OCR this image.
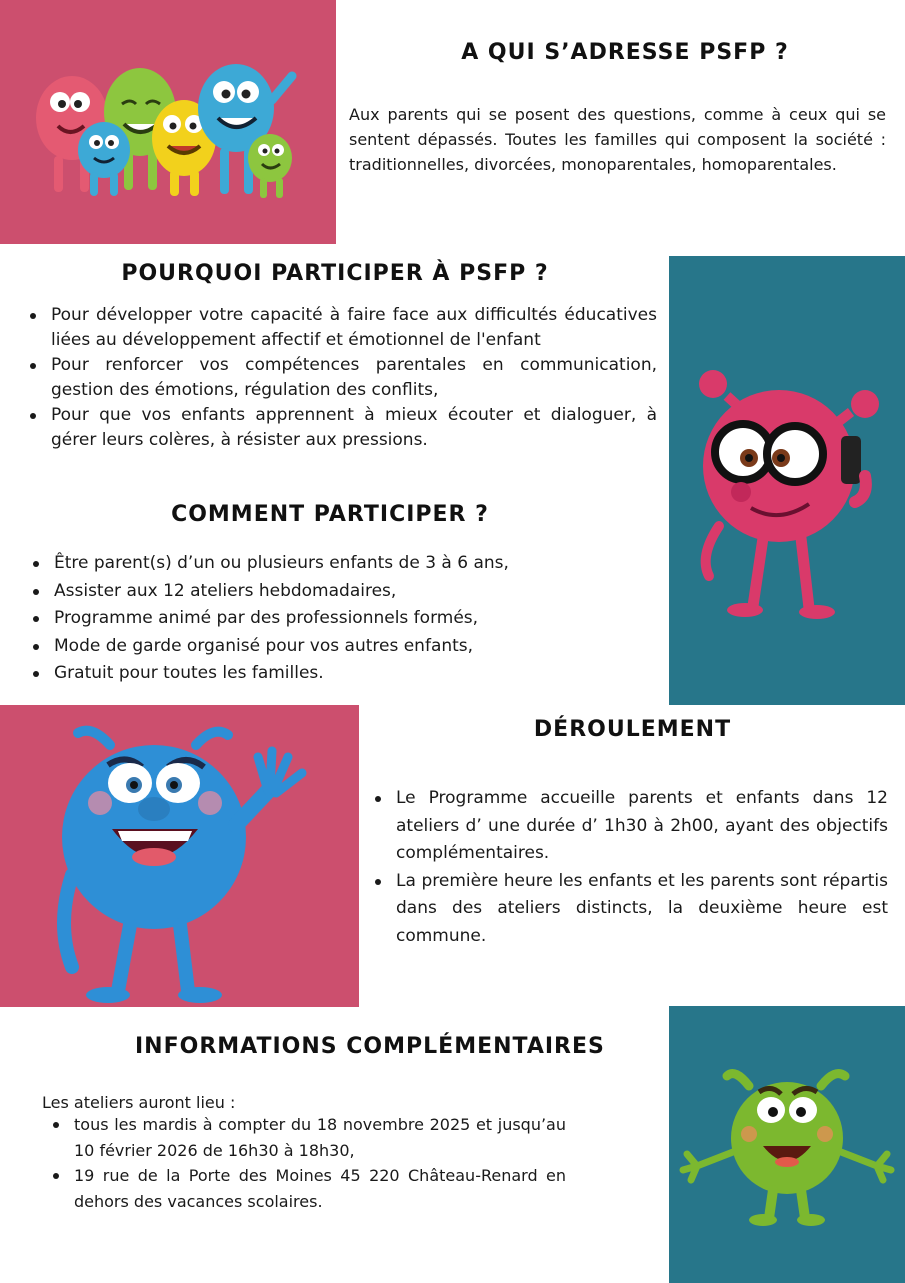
A QUI S’ADRESSE PSFP ?

Aux parents qui se posent des questions, comme à ceux qui se sentent dépassés. Toutes les familles qui composent la société : traditionnelles, divorcées, monoparentales, homoparentales.

POURQUOI PARTICIPER À PSFP ?
Pour développer votre capacité à faire face aux difficultés éducatives liées au développement affectif et émotionnel de l'enfant
Pour renforcer vos compétences parentales en communication, gestion des émotions, régulation des conflits,
Pour que vos enfants apprennent à mieux écouter et dialoguer, à gérer leurs colères, à résister aux pressions.
COMMENT PARTICIPER ?
Être parent(s) d’un ou plusieurs enfants de 3 à 6 ans,
Assister aux 12 ateliers hebdomadaires,
Programme animé par des professionnels formés,
Mode de garde organisé pour vos autres enfants,
Gratuit pour toutes les familles.
DÉROULEMENT
Le Programme accueille parents et enfants dans 12 ateliers d’ une durée d’ 1h30 à 2h00, ayant des objectifs complémentaires.
La première heure les enfants et les parents sont répartis dans des ateliers distincts, la deuxième heure est commune.
INFORMATIONS COMPLÉMENTAIRES

Les ateliers auront lieu :

tous les mardis à compter du 18 novembre 2025 et jusqu’au 10 février 2026 de 16h30 à 18h30,
19 rue de la Porte des Moines 45 220 Château-Renard en dehors des vacances scolaires.
